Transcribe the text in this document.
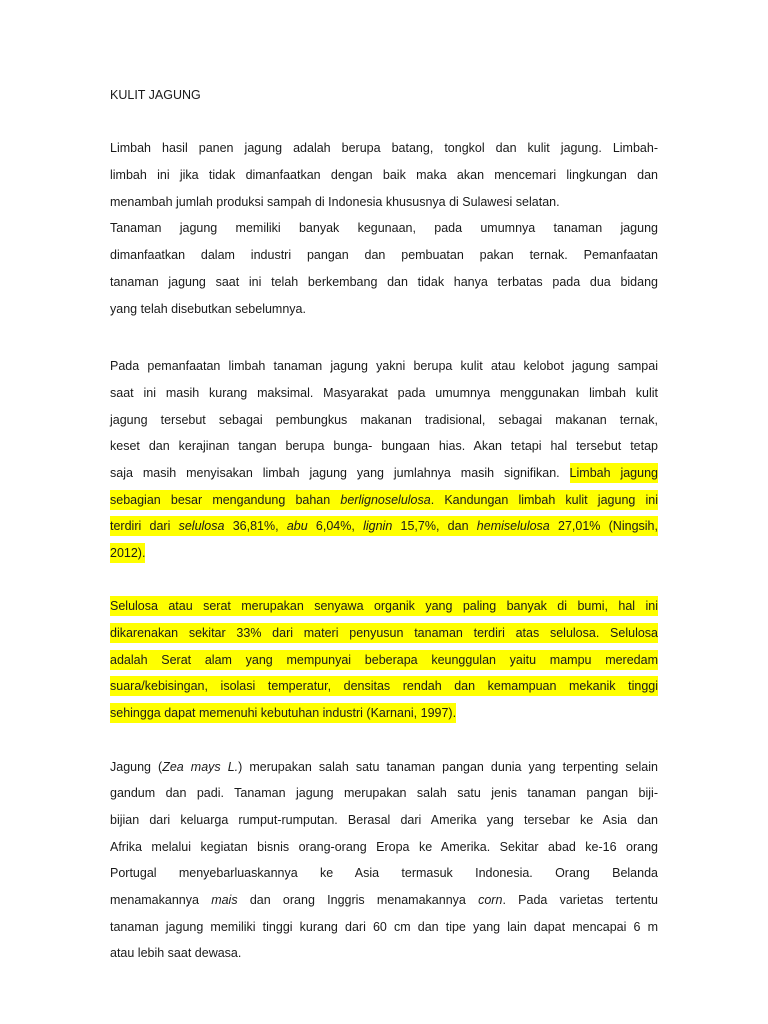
KULIT JAGUNG
Limbah hasil panen jagung adalah berupa batang, tongkol dan kulit jagung. Limbah-
limbah ini jika tidak dimanfaatkan dengan baik maka akan mencemari lingkungan dan
menambah jumlah produksi sampah di Indonesia khususnya di Sulawesi selatan.
Tanaman jagung memiliki banyak kegunaan, pada umumnya tanaman jagung
dimanfaatkan dalam industri pangan dan pembuatan pakan ternak. Pemanfaatan
tanaman jagung saat ini telah berkembang dan tidak hanya terbatas pada dua bidang
yang telah disebutkan sebelumnya.
Pada pemanfaatan limbah tanaman jagung yakni berupa kulit atau kelobot jagung sampai
saat ini masih kurang maksimal. Masyarakat pada umumnya menggunakan limbah kulit
jagung tersebut sebagai pembungkus makanan tradisional, sebagai makanan ternak,
keset dan kerajinan tangan berupa bunga- bungaan hias. Akan tetapi hal tersebut tetap
saja masih menyisakan limbah jagung yang jumlahnya masih signifikan. Limbah jagung
sebagian besar mengandung bahan berlignoselulosa. Kandungan limbah kulit jagung ini
terdiri dari selulosa 36,81%, abu 6,04%, lignin 15,7%, dan hemiselulosa 27,01% (Ningsih,
2012).
Selulosa atau serat merupakan senyawa organik yang paling banyak di bumi, hal ini
dikarenakan sekitar 33% dari materi penyusun tanaman terdiri atas selulosa. Selulosa
adalah Serat alam yang mempunyai beberapa keunggulan yaitu mampu meredam
suara/kebisingan, isolasi temperatur, densitas rendah dan kemampuan mekanik tinggi
sehingga dapat memenuhi kebutuhan industri (Karnani, 1997).
Jagung (Zea mays L.) merupakan salah satu tanaman pangan dunia yang terpenting selain
gandum dan padi. Tanaman jagung merupakan salah satu jenis tanaman pangan biji-
bijian dari keluarga rumput-rumputan. Berasal dari Amerika yang tersebar ke Asia dan
Afrika melalui kegiatan bisnis orang-orang Eropa ke Amerika. Sekitar abad ke-16 orang
Portugal menyebarluaskannya ke Asia termasuk Indonesia. Orang Belanda
menamakannya mais dan orang Inggris menamakannya corn. Pada varietas tertentu
tanaman jagung memiliki tinggi kurang dari 60 cm dan tipe yang lain dapat mencapai 6 m
atau lebih saat dewasa.
